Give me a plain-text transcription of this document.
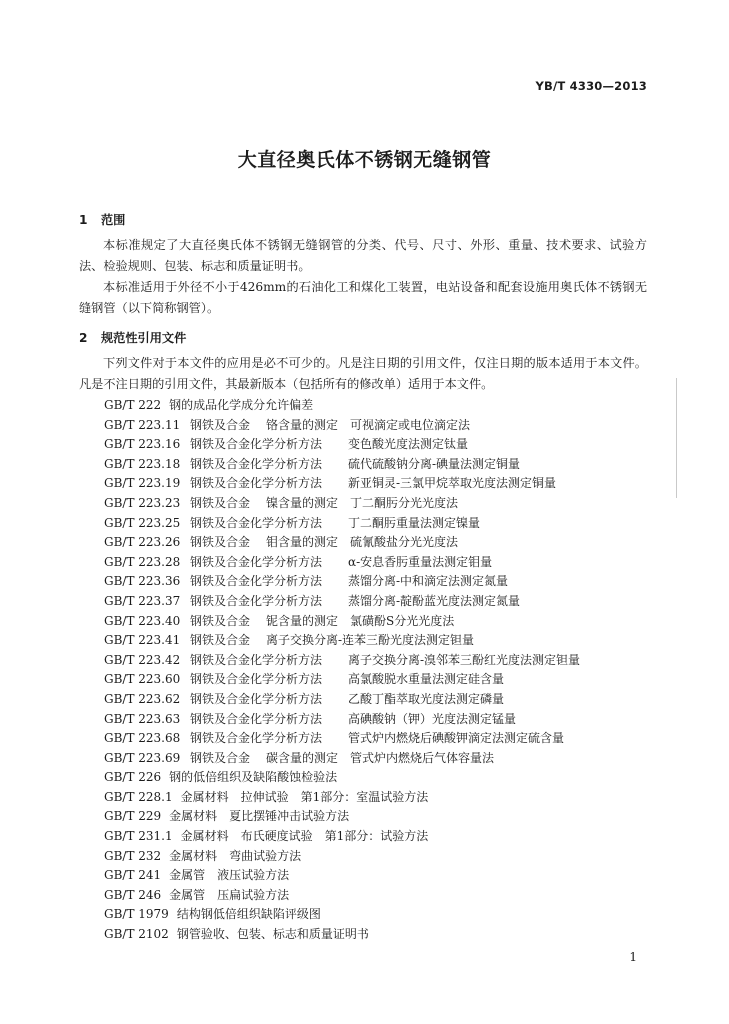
YB/T 4330—2013
大直径奥氏体不锈钢无缝钢管
1 范围
本标准规定了大直径奥氏体不锈钢无缝钢管的分类、代号、尺寸、外形、重量、技术要求、试验方法、检验规则、包装、标志和质量证明书。
本标准适用于外径不小于426mm的石油化工和煤化工装置，电站设备和配套设施用奥氏体不锈钢无缝钢管（以下简称钢管）。
2 规范性引用文件
下列文件对于本文件的应用是必不可少的。凡是注日期的引用文件，仅注日期的版本适用于本文件。凡是不注日期的引用文件，其最新版本（包括所有的修改单）适用于本文件。
GB/T 222 钢的成品化学成分允许偏差
GB/T 223.11 钢铁及合金 铬含量的测定　可视滴定或电位滴定法
GB/T 223.16 钢铁及合金化学分析方法 变色酸光度法测定钛量
GB/T 223.18 钢铁及合金化学分析方法 硫代硫酸钠分离-碘量法测定铜量
GB/T 223.19 钢铁及合金化学分析方法 新亚铜灵-三氯甲烷萃取光度法测定铜量
GB/T 223.23 钢铁及合金 镍含量的测定　丁二酮肟分光光度法
GB/T 223.25 钢铁及合金化学分析方法 丁二酮肟重量法测定镍量
GB/T 223.26 钢铁及合金 钼含量的测定　硫氰酸盐分光光度法
GB/T 223.28 钢铁及合金化学分析方法 α-安息香肟重量法测定钼量
GB/T 223.36 钢铁及合金化学分析方法 蒸馏分离-中和滴定法测定氮量
GB/T 223.37 钢铁及合金化学分析方法 蒸馏分离-靛酚蓝光度法测定氮量
GB/T 223.40 钢铁及合金 铌含量的测定　氯磺酚S分光光度法
GB/T 223.41 钢铁及合金 离子交换分离-连苯三酚光度法测定钽量
GB/T 223.42 钢铁及合金化学分析方法 离子交换分离-溴邻苯三酚红光度法测定钽量
GB/T 223.60 钢铁及合金化学分析方法 高氯酸脱水重量法测定硅含量
GB/T 223.62 钢铁及合金化学分析方法 乙酸丁酯萃取光度法测定磷量
GB/T 223.63 钢铁及合金化学分析方法 高碘酸钠（钾）光度法测定锰量
GB/T 223.68 钢铁及合金化学分析方法 管式炉内燃烧后碘酸钾滴定法测定硫含量
GB/T 223.69 钢铁及合金 碳含量的测定　管式炉内燃烧后气体容量法
GB/T 226 钢的低倍组织及缺陷酸蚀检验法
GB/T 228.1 金属材料　拉伸试验　第1部分：室温试验方法
GB/T 229 金属材料　夏比摆锤冲击试验方法
GB/T 231.1 金属材料　布氏硬度试验　第1部分：试验方法
GB/T 232 金属材料　弯曲试验方法
GB/T 241 金属管　液压试验方法
GB/T 246 金属管　压扁试验方法
GB/T 1979 结构钢低倍组织缺陷评级图
GB/T 2102 钢管验收、包装、标志和质量证明书
1
